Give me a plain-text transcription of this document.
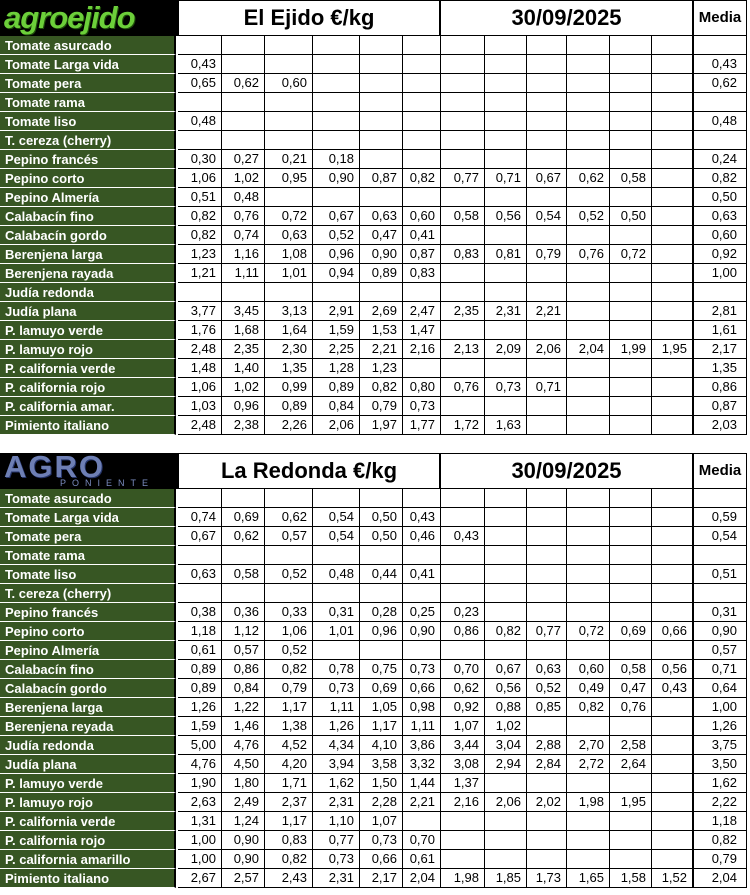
agroejido	El Ejido €/kg	30/09/2025	Media
Tomate asurcado
Tomate Larga vida	0,43	0,43
Tomate pera	0,65	0,62	0,60	0,62
Tomate rama
Tomate liso	0,48	0,48
T. cereza (cherry)
Pepino francés	0,30	0,27	0,21	0,18	0,24
Pepino corto	1,06	1,02	0,95	0,90	0,87 0,82	0,77	0,71	0,67	0,62	0,58	0,82
Pepino Almería	0,51	0,48	0,50
Calabacín fino	0,82	0,76	0,72	0,67	0,63 0,60	0,58	0,56	0,54	0,52	0,50	0,63
Calabacín gordo	0,82	0,74	0,63	0,52	0,47 0,41	0,60
Berenjena larga	1,23	1,16	1,08	0,96	0,90 0,87	0,83	0,81	0,79	0,76	0,72	0,92
Berenjena rayada	1,21	1,11	1,01	0,94	0,89 0,83	1,00
Judía redonda
Judía plana	3,77	3,45	3,13	2,91	2,69 2,47	2,35	2,31	2,21	2,81
P. lamuyo verde	1,76	1,68	1,64	1,59	1,53 1,47	1,61
P. lamuyo rojo	2,48	2,35	2,30	2,25	2,21 2,16	2,13	2,09	2,06	2,04	1,99	1,95	2,17
P. california verde	1,48	1,40	1,35	1,28	1,23	1,35
P. california rojo	1,06	1,02	0,99	0,89	0,82 0,80	0,76	0,73	0,71	0,86
P. california amar.	1,03	0,96	0,89	0,84	0,79 0,73	0,87
Pimiento italiano	2,48	2,38	2,26	2,06	1,97 1,77	1,72	1,63	2,03
AGRO
PONIENTE	La Redonda €/kg	30/09/2025	Media
Tomate asurcado
Tomate Larga vida	0,74	0,69	0,62	0,54	0,50 0,43	0,59
Tomate pera	0,67	0,62	0,57	0,54	0,50 0,46	0,43	0,54
Tomate rama
Tomate liso	0,63	0,58	0,52	0,48	0,44 0,41	0,51
T. cereza (cherry)
Pepino francés	0,38	0,36	0,33	0,31	0,28 0,25	0,23	0,31
Pepino corto	1,18	1,12	1,06	1,01	0,96 0,90	0,86	0,82	0,77	0,72	0,69	0,66	0,90
Pepino Almería	0,61	0,57	0,52	0,57
Calabacín fino	0,89	0,86	0,82	0,78	0,75 0,73	0,70	0,67	0,63	0,60	0,58	0,56	0,71
Calabacín gordo	0,89	0,84	0,79	0,73	0,69 0,66	0,62	0,56	0,52	0,49	0,47	0,43	0,64
Berenjena larga	1,26	1,22	1,17	1,11	1,05 0,98	0,92	0,88	0,85	0,82	0,76	1,00
Berenjena reyada	1,59	1,46	1,38	1,26	1,17	1,11	1,07	1,02	1,26
Judía redonda	5,00	4,76	4,52	4,34	4,10 3,86	3,44	3,04	2,88	2,70	2,58	3,75
Judía plana	4,76	4,50	4,20	3,94	3,58 3,32	3,08	2,94	2,84	2,72	2,64	3,50
P. lamuyo verde	1,90	1,80	1,71	1,62	1,50 1,44	1,37	1,62
P. lamuyo rojo	2,63	2,49	2,37	2,31	2,28 2,21	2,16	2,06	2,02	1,98	1,95	2,22
P. california verde	1,31	1,24	1,17	1,10	1,07	1,18
P. california rojo	1,00	0,90	0,83	0,77	0,73 0,70	0,82
P. california amarillo	1,00	0,90	0,82	0,73	0,66 0,61	0,79
Pimiento italiano	2,67	2,57	2,43	2,31	2,17 2,04	1,98	1,85	1,73	1,65	1,58	1,52	2,04
